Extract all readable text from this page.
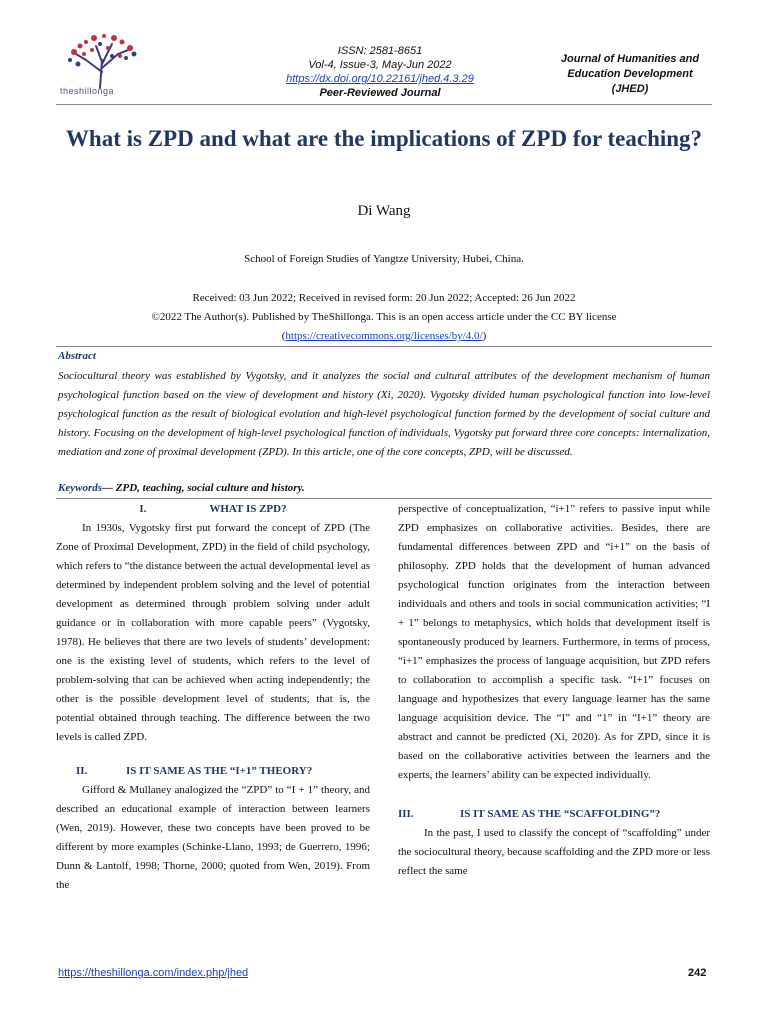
theshillonga
ISSN: 2581-8651
Vol-4, Issue-3, May-Jun 2022
https://dx.doi.org/10.22161/jhed.4.3.29
Peer-Reviewed Journal
Journal of Humanities and
Education Development
(JHED)
What is ZPD and what are the implications of ZPD for teaching?
Di Wang
School of Foreign Studies of Yangtze University, Hubei, China.
Received: 03 Jun 2022; Received in revised form: 20 Jun 2022; Accepted: 26 Jun 2022
©2022 The Author(s). Published by TheShillonga. This is an open access article under the CC BY license
(https://creativecommons.org/licenses/by/4.0/)
Abstract
Sociocultural theory was established by Vygotsky, and it analyzes the social and cultural attributes of the development mechanism of human psychological function based on the view of development and history (Xi, 2020). Vygotsky divided human psychological function into low-level psychological function as the result of biological evolution and high-level psychological function formed by the development of social culture and history. Focusing on the development of high-level psychological function of individuals, Vygotsky put forward three core concepts: internalization, mediation and zone of proximal development (ZPD). In this article, one of the core concepts, ZPD, will be discussed.
Keywords— ZPD, teaching, social culture and history.
I.	WHAT IS ZPD?

In 1930s, Vygotsky first put forward the concept of ZPD (The Zone of Proximal Development, ZPD) in the field of child psychology, which refers to “the distance between the actual developmental level as determined by independent problem solving and the level of potential development as determined through problem solving under adult guidance or in collaboration with more capable peers” (Vygotsky, 1978). He believes that there are two levels of students’ development: one is the existing level of students, which refers to the level of problem-solving that can be achieved when acting independently; the other is the possible development level of students, that is, the potential obtained through teaching. The difference between the two levels is called ZPD.

II.	IS IT SAME AS THE “I+1” THEORY?

Gifford & Mullaney analogized the “ZPD” to “I + 1” theory, and described an educational example of interaction between learners (Wen, 2019). However, these two concepts have been proved to be different by more examples (Schinke-Llano, 1993; de Guerrero, 1996; Dunn & Lantolf, 1998; Thorne, 2000; quoted from Wen, 2019). From the

perspective of conceptualization, “i+1” refers to passive input while ZPD emphasizes on collaborative activities. Besides, there are fundamental differences between ZPD and “i+1” on the basis of philosophy. ZPD holds that the development of human advanced psychological function originates from the interaction between individuals and others and tools in social communication activities; “I + 1” belongs to metaphysics, which holds that development itself is spontaneously produced by learners. Furthermore, in terms of process, “i+1” emphasizes the process of language acquisition, but ZPD refers to collaboration to accomplish a specific task. “I+1” focuses on language and hypothesizes that every language learner has the same language acquisition device. The “I” and “1” in “I+1” theory are abstract and cannot be predicted (Xi, 2020). As for ZPD, since it is based on the collaborative activities between the learners and the experts, the learners’ ability can be expected individually.

III.	IS IT SAME AS THE “SCAFFOLDING”?

In the past, I used to classify the concept of “scaffolding” under the sociocultural theory, because scaffolding and the ZPD more or less reflect the same

https://theshillonga.com/index.php/jhed	242
